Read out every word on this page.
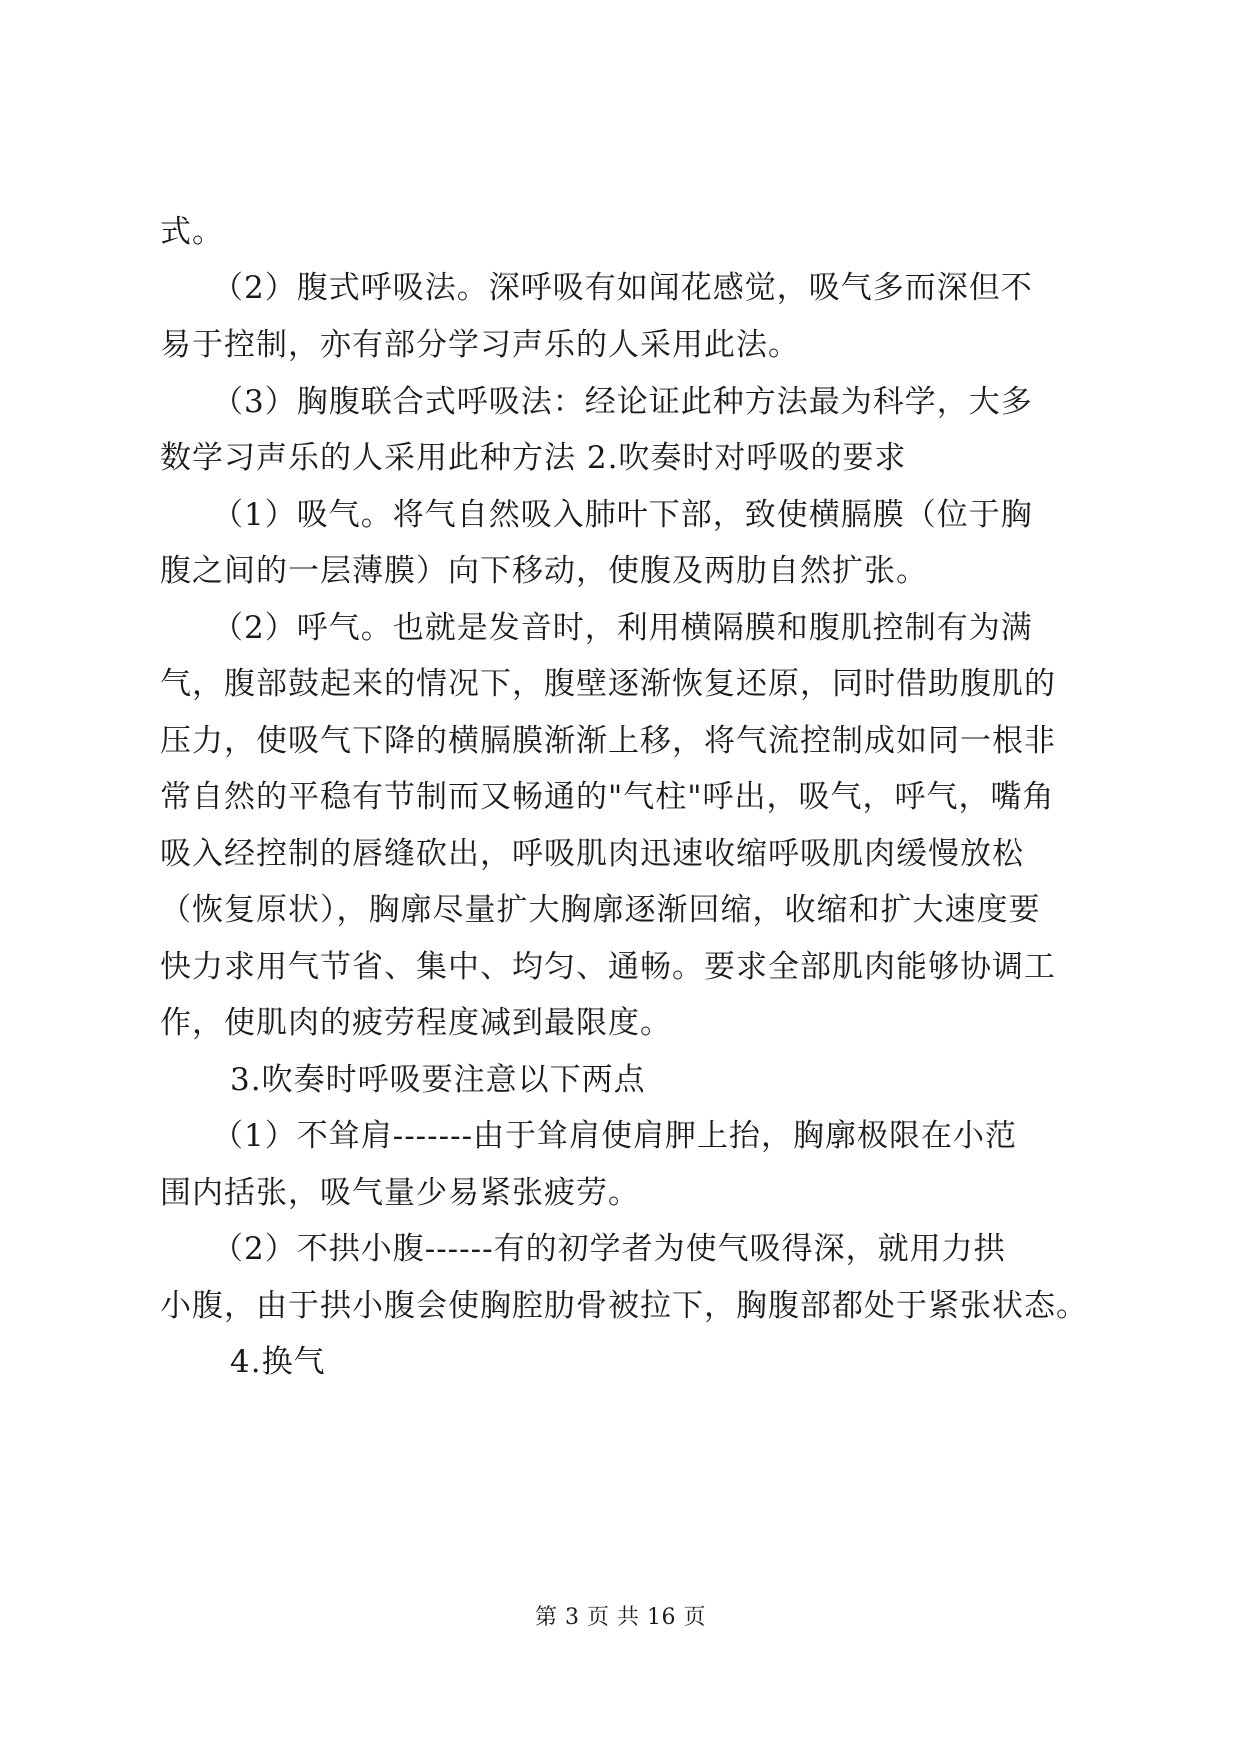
式。
（2）腹式呼吸法。深呼吸有如闻花感觉，吸气多而深但不
易于控制，亦有部分学习声乐的人采用此法。
（3）胸腹联合式呼吸法：经论证此种方法最为科学，大多
数学习声乐的人采用此种方法 2.吹奏时对呼吸的要求
（1）吸气。将气自然吸入肺叶下部，致使横膈膜（位于胸
腹之间的一层薄膜）向下移动，使腹及两肋自然扩张。
（2）呼气。也就是发音时，利用横隔膜和腹肌控制有为满
气，腹部鼓起来的情况下，腹壁逐渐恢复还原，同时借助腹肌的
压力，使吸气下降的横膈膜渐渐上移，将气流控制成如同一根非
常自然的平稳有节制而又畅通的"气柱"呼出，吸气，呼气，嘴角
吸入经控制的唇缝砍出，呼吸肌肉迅速收缩呼吸肌肉缓慢放松
（恢复原状），胸廓尽量扩大胸廓逐渐回缩，收缩和扩大速度要
快力求用气节省、集中、均匀、通畅。要求全部肌肉能够协调工
作，使肌肉的疲劳程度减到最限度。
3.吹奏时呼吸要注意以下两点
（1）不耸肩-------由于耸肩使肩胛上抬，胸廓极限在小范
围内括张，吸气量少易紧张疲劳。
（2）不拱小腹------有的初学者为使气吸得深，就用力拱
小腹，由于拱小腹会使胸腔肋骨被拉下，胸腹部都处于紧张状态。
4.换气
第 3 页 共 16 页
